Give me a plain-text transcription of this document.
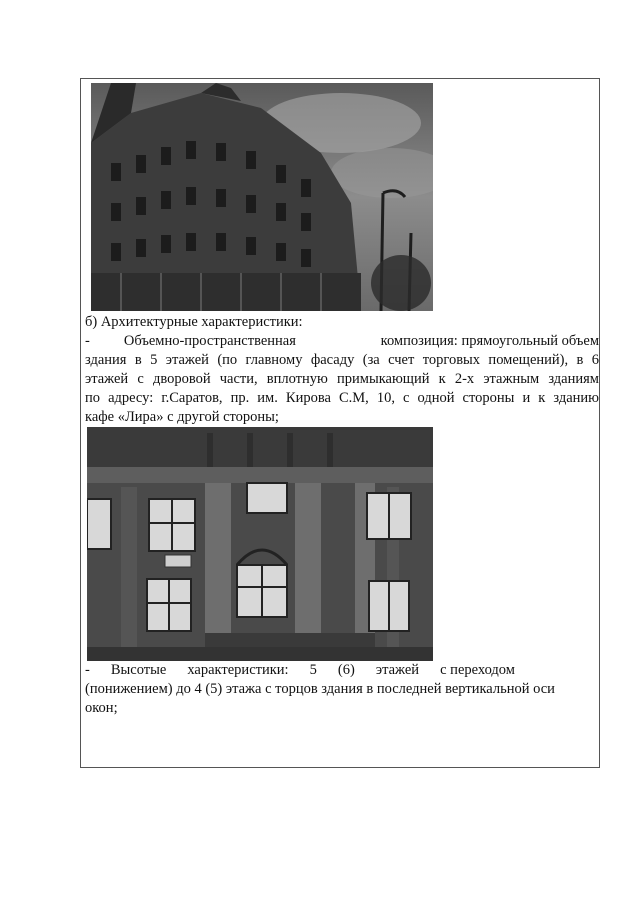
б) Архитектурные характеристики:
- Объемно-пространственная	композиция: прямоугольный объем
здания в 5 этажей (по главному фасаду (за счет торговых помещений), в 6
этажей с дворовой части, вплотную примыкающий к 2-х этажным зданиям
по адресу: г.Саратов, пр. им. Кирова С.М, 10, с одной стороны и к зданию
кафе «Лира» с другой стороны;
- Высотые характеристики: 5 (6) этажей с переходом
(понижением) до 4 (5) этажа с торцов здания в последней вертикальной оси
окон;
